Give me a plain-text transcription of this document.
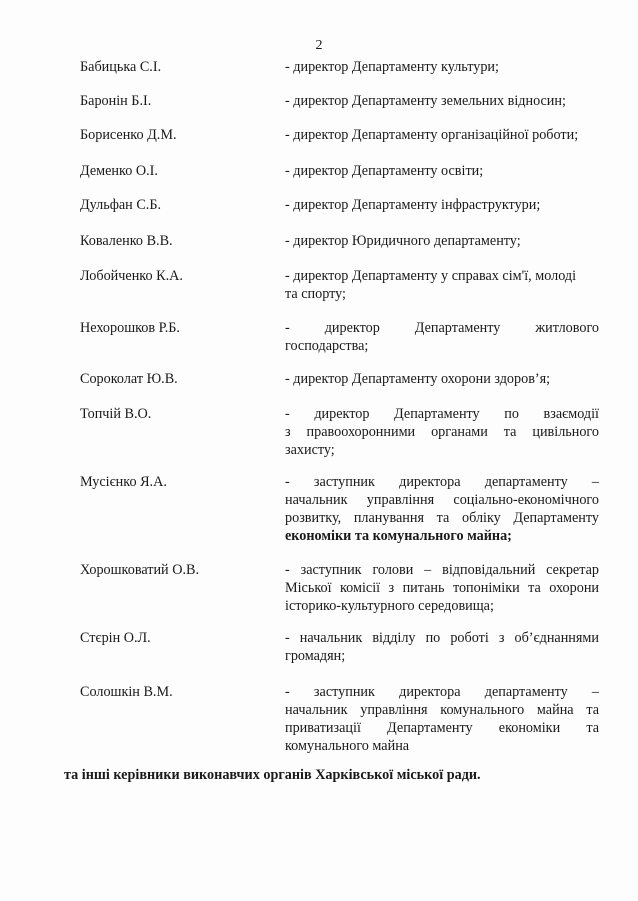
2
Бабицька С.І.	- директор Департаменту культури;
Баронін Б.І.	- директор Департаменту земельних відносин;
Борисенко Д.М.	- директор Департаменту організаційної роботи;
Деменко О.І.	- директор Департаменту освіти;
Дульфан С.Б.	- директор Департаменту інфраструктури;
Коваленко В.В.	- директор Юридичного департаменту;
Лобойченко К.А.	- директор Департаменту у справах сім'ї, молоді
та спорту;
Нехорошков Р.Б.	- директор Департаменту житлового
господарства;
Сороколат Ю.В.	- директор Департаменту охорони здоров’я;
Топчій В.О.	- директор Департаменту по взаємодії
з правоохоронними органами та цивільного
захисту;
Мусієнко Я.А.	- заступник директора департаменту –
начальник управління соціально-економічного
розвитку, планування та обліку Департаменту
економіки та комунального майна;
Хорошковатий О.В.	- заступник голови – відповідальний секретар
Міської комісії з питань топоніміки та охорони
історико-культурного середовища;
Стєрін О.Л.	- начальник відділу по роботі з об’єднаннями
громадян;
Солошкін В.М.	- заступник директора департаменту –
начальник управління комунального майна та
приватизації Департаменту економіки та
комунального майна
та інші керівники виконавчих органів Харківської міської ради.
